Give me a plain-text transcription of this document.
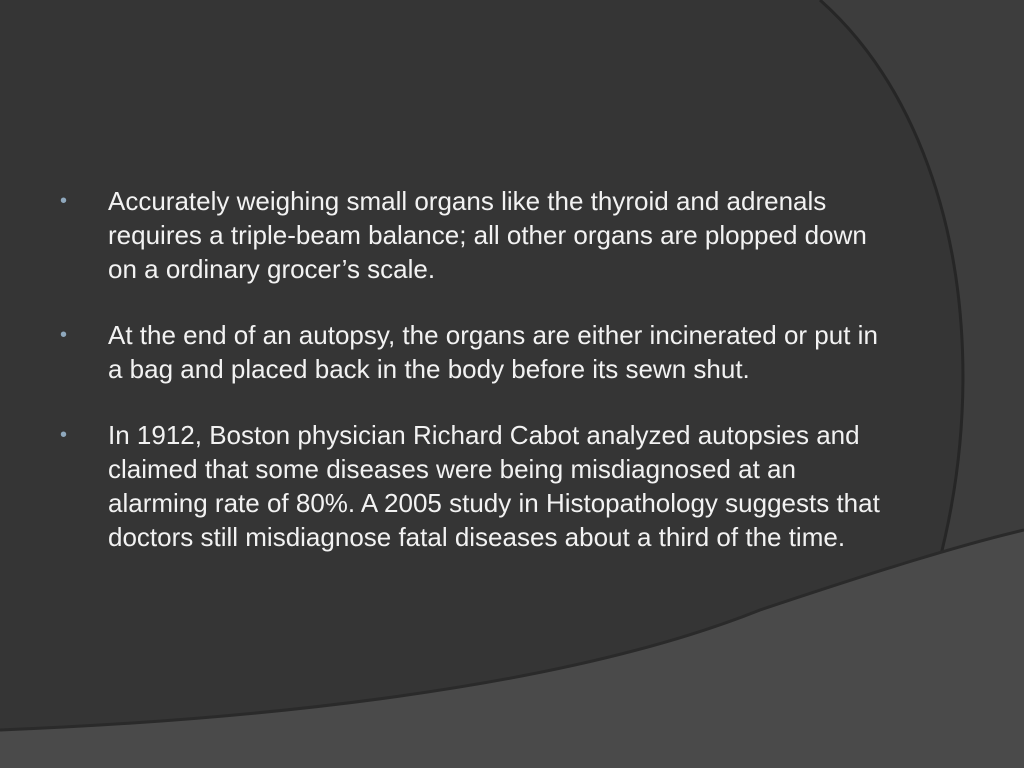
•	Accurately weighing small organs like the thyroid and adrenals requires a triple-beam balance; all other organs are plopped down on a ordinary grocer’s scale.
•	At the end of an autopsy, the organs are either incinerated or put in a bag and placed back in the body before its sewn shut.
•	In 1912, Boston physician Richard Cabot analyzed autopsies and claimed that some diseases were being misdiagnosed at an alarming rate of 80%. A 2005 study in Histopathology suggests that doctors still misdiagnose fatal diseases about a third of the time.
